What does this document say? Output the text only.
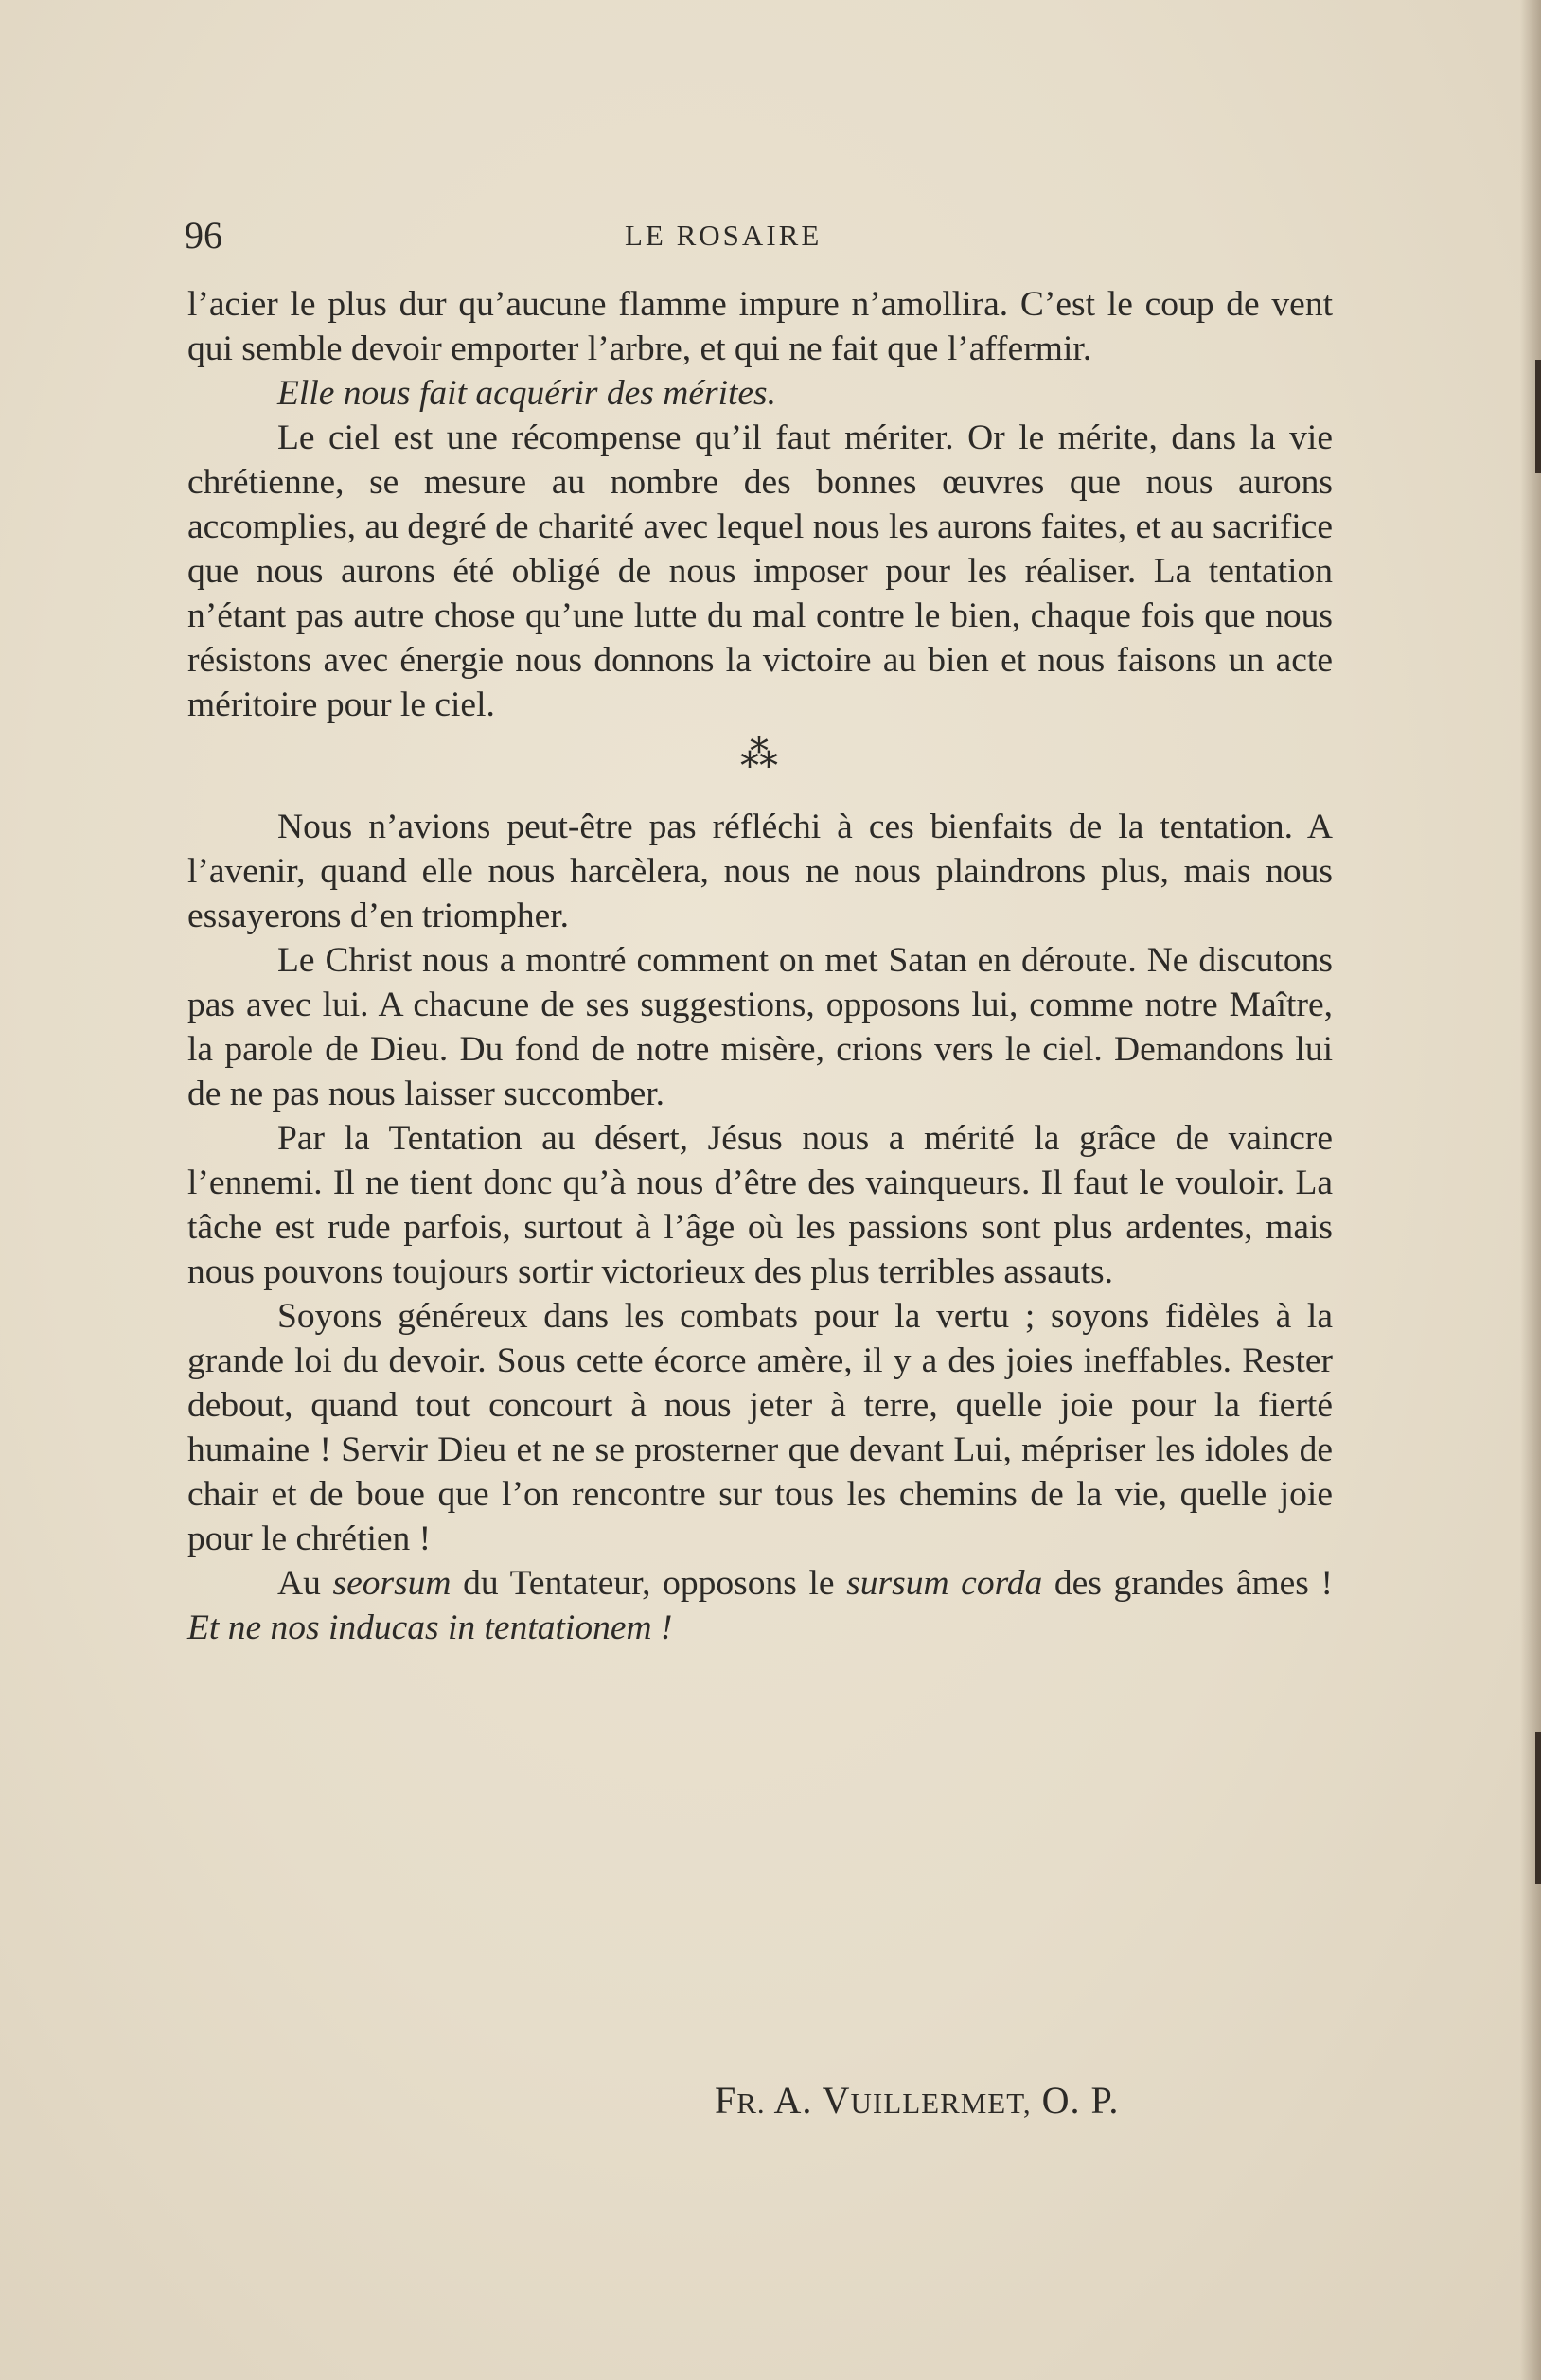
96	LE ROSAIRE

l’acier le plus dur qu’aucune flamme impure n’amollira. C’est le coup de vent qui semble devoir emporter l’arbre, et qui ne fait que l’affermir.

Elle nous fait acquérir des mérites.

Le ciel est une récompense qu’il faut mériter. Or le mérite, dans la vie chrétienne, se mesure au nombre des bonnes œuvres que nous aurons accomplies, au degré de charité avec lequel nous les aurons faites, et au sacrifice que nous aurons été obligé de nous imposer pour les réaliser. La tentation n’étant pas autre chose qu’une lutte du mal contre le bien, chaque fois que nous résistons avec énergie nous donnons la victoire au bien et nous faisons un acte méritoire pour le ciel.

⁂

Nous n’avions peut-être pas réfléchi à ces bienfaits de la tentation. A l’avenir, quand elle nous harcèlera, nous ne nous plaindrons plus, mais nous essayerons d’en triompher.

Le Christ nous a montré comment on met Satan en déroute. Ne discutons pas avec lui. A chacune de ses suggestions, opposons lui, comme notre Maître, la parole de Dieu. Du fond de notre misère, crions vers le ciel. Demandons lui de ne pas nous laisser succomber.

Par la Tentation au désert, Jésus nous a mérité la grâce de vaincre l’ennemi. Il ne tient donc qu’à nous d’être des vainqueurs. Il faut le vouloir. La tâche est rude parfois, surtout à l’âge où les passions sont plus ardentes, mais nous pouvons toujours sortir victorieux des plus terribles assauts.

Soyons généreux dans les combats pour la vertu ; soyons fidèles à la grande loi du devoir. Sous cette écorce amère, il y a des joies ineffables. Rester debout, quand tout concourt à nous jeter à terre, quelle joie pour la fierté humaine ! Servir Dieu et ne se prosterner que devant Lui, mépriser les idoles de chair et de boue que l’on rencontre sur tous les chemins de la vie, quelle joie pour le chrétien !

Au seorsum du Tentateur, opposons le sursum corda des grandes âmes ! Et ne nos inducas in tentationem !

FR. A. VUILLERMET, O. P.
